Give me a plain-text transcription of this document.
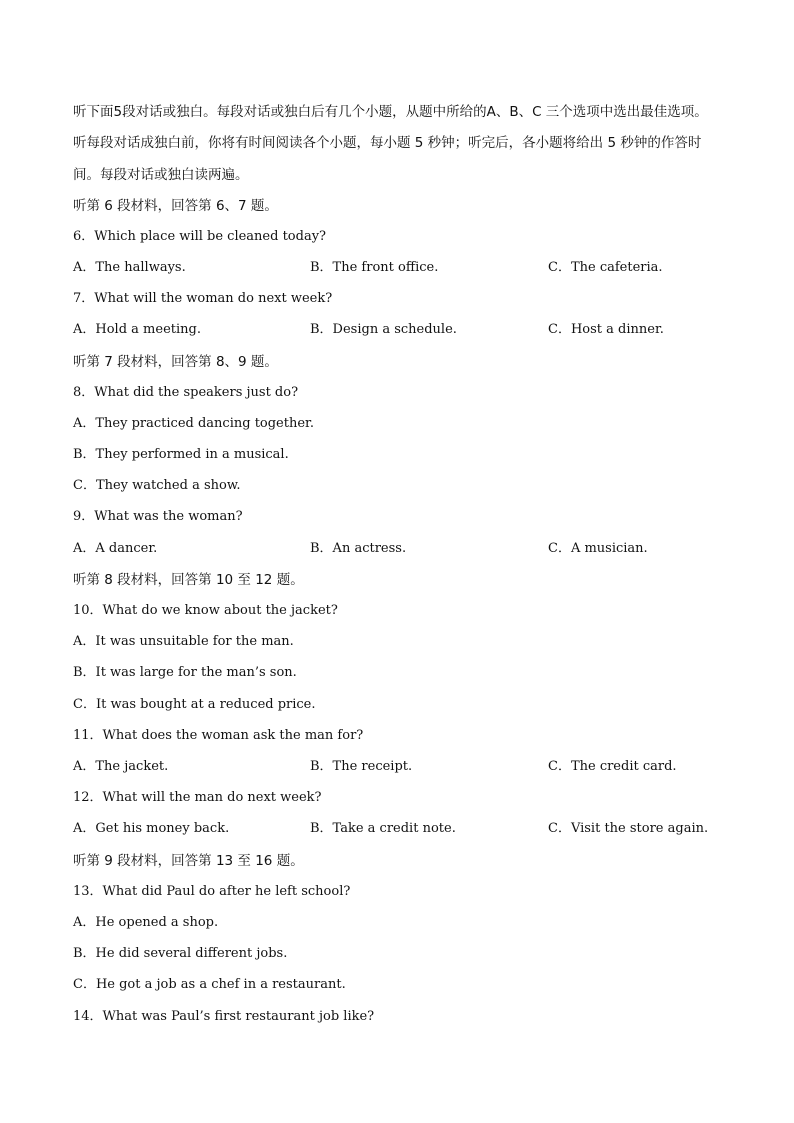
听下面5段对话或独白。每段对话或独白后有几个小题，从题中所给的A、B、C 三个选项中选出最佳选项。
听每段对话成独白前，你将有时间阅读各个小题，每小题 5 秒钟；听完后，各小题将给出 5 秒钟的作答时
间。每段对话或独白读两遍。
听第 6 段材料，回答第 6、7 题。
6．Which place will be cleaned today?
A．The hallways.	B．The front office.	C．The cafeteria.
7．What will the woman do next week?
A．Hold a meeting.	B．Design a schedule.	C．Host a dinner.
听第 7 段材料，回答第 8、9 题。
8．What did the speakers just do?
A．They practiced dancing together.
B．They performed in a musical.
C．They watched a show.
9．What was the woman?
A．A dancer.	B．An actress.	C．A musician.
听第 8 段材料，回答第 10 至 12 题。
10．What do we know about the jacket?
A．It was unsuitable for the man.
B．It was large for the man’s son.
C．It was bought at a reduced price.
11．What does the woman ask the man for?
A．The jacket.	B．The receipt.	C．The credit card.
12．What will the man do next week?
A．Get his money back.	B．Take a credit note.	C．Visit the store again.
听第 9 段材料，回答第 13 至 16 题。
13．What did Paul do after he left school?
A．He opened a shop.
B．He did several different jobs.
C．He got a job as a chef in a restaurant.
14．What was Paul’s first restaurant job like?
